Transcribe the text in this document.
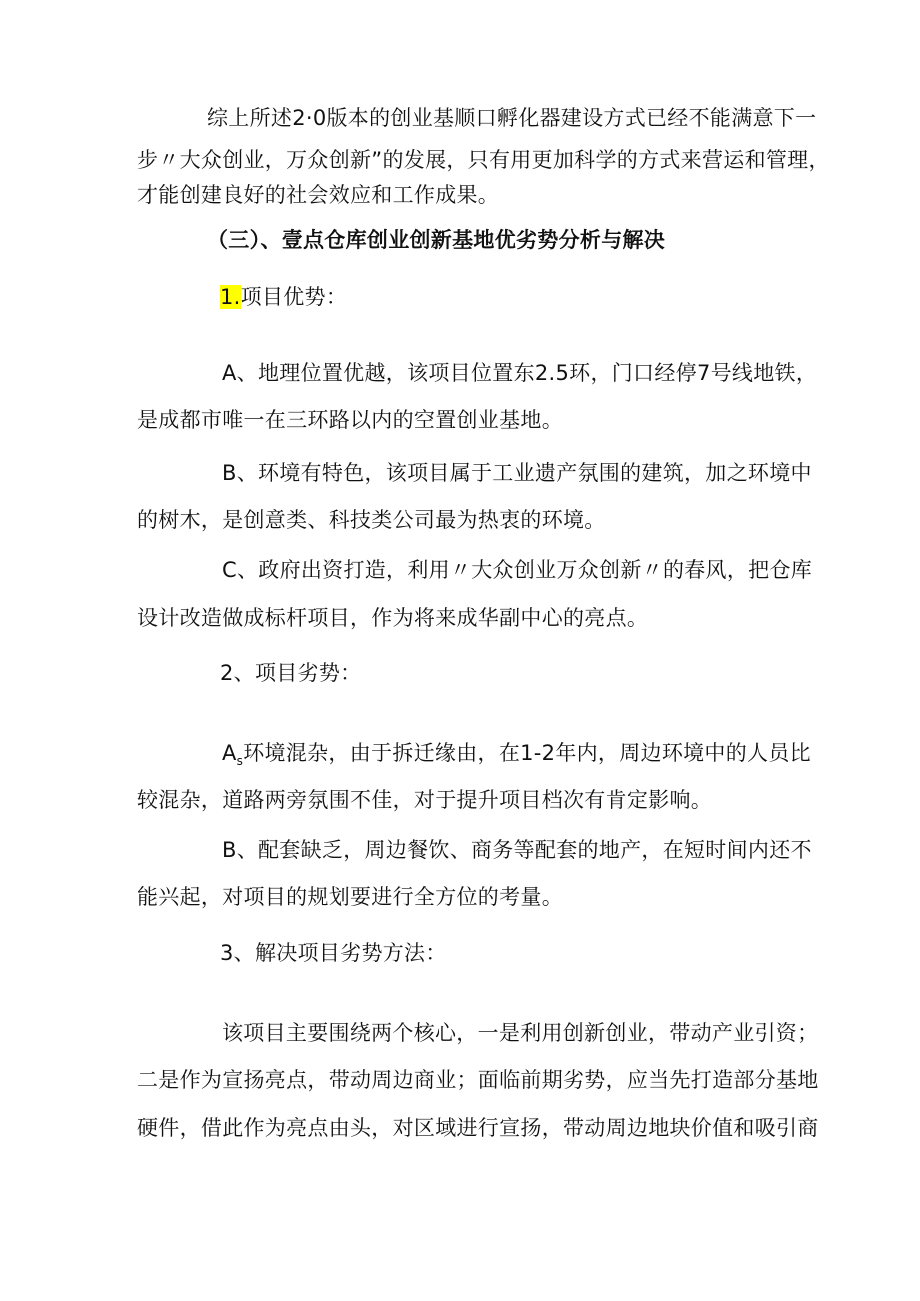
综上所述2·0版本的创业基顺口孵化器建设方式已经不能满意下一
步〃大众创业，万众创新”的发展，只有用更加科学的方式来营运和管理，
才能创建良好的社会效应和工作成果。
（三）、壹点仓库创业创新基地优劣势分析与解决
1.项目优势：
A、地理位置优越，该项目位置东2.5环，门口经停7号线地铁，
是成都市唯一在三环路以内的空置创业基地。
B、环境有特色，该项目属于工业遗产氛围的建筑，加之环境中
的树木，是创意类、科技类公司最为热衷的环境。
C、政府出资打造，利用〃大众创业万众创新〃的春风，把仓库
设计改造做成标杆项目，作为将来成华副中心的亮点。
2、项目劣势：
$A_s$环境混杂，由于拆迁缘由，在1-2年内，周边环境中的人员比
较混杂，道路两旁氛围不佳，对于提升项目档次有肯定影响。
B、配套缺乏，周边餐饮、商务等配套的地产，在短时间内还不
能兴起，对项目的规划要进行全方位的考量。
3、解决项目劣势方法：
该项目主要围绕两个核心，一是利用创新创业，带动产业引资；
二是作为宣扬亮点，带动周边商业；面临前期劣势，应当先打造部分基地
硬件，借此作为亮点由头，对区域进行宣扬，带动周边地块价值和吸引商
